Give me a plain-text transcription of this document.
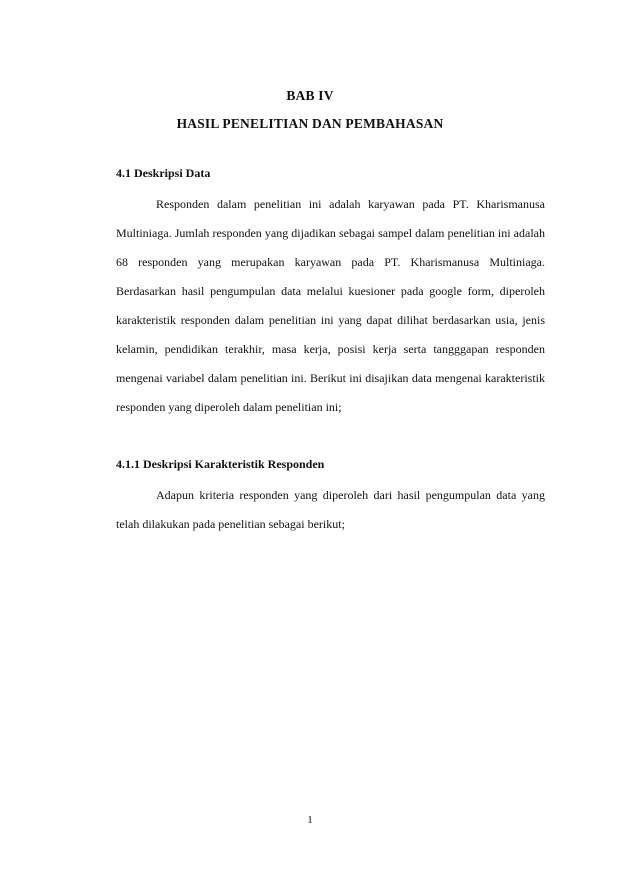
BAB IV
HASIL PENELITIAN DAN PEMBAHASAN
4.1 Deskripsi Data

Responden dalam penelitian ini adalah karyawan pada PT. Kharismanusa Multiniaga. Jumlah responden yang dijadikan sebagai sampel dalam penelitian ini adalah 68 responden yang merupakan karyawan pada PT. Kharismanusa Multiniaga. Berdasarkan hasil pengumpulan data melalui kuesioner pada google form, diperoleh karakteristik responden dalam penelitian ini yang dapat dilihat berdasarkan usia, jenis kelamin, pendidikan terakhir, masa kerja, posisi kerja serta tangggapan responden mengenai variabel dalam penelitian ini. Berikut ini disajikan data mengenai karakteristik responden yang diperoleh dalam penelitian ini;

4.1.1 Deskripsi Karakteristik Responden

Adapun kriteria responden yang diperoleh dari hasil pengumpulan data yang telah dilakukan pada penelitian sebagai berikut;

1
